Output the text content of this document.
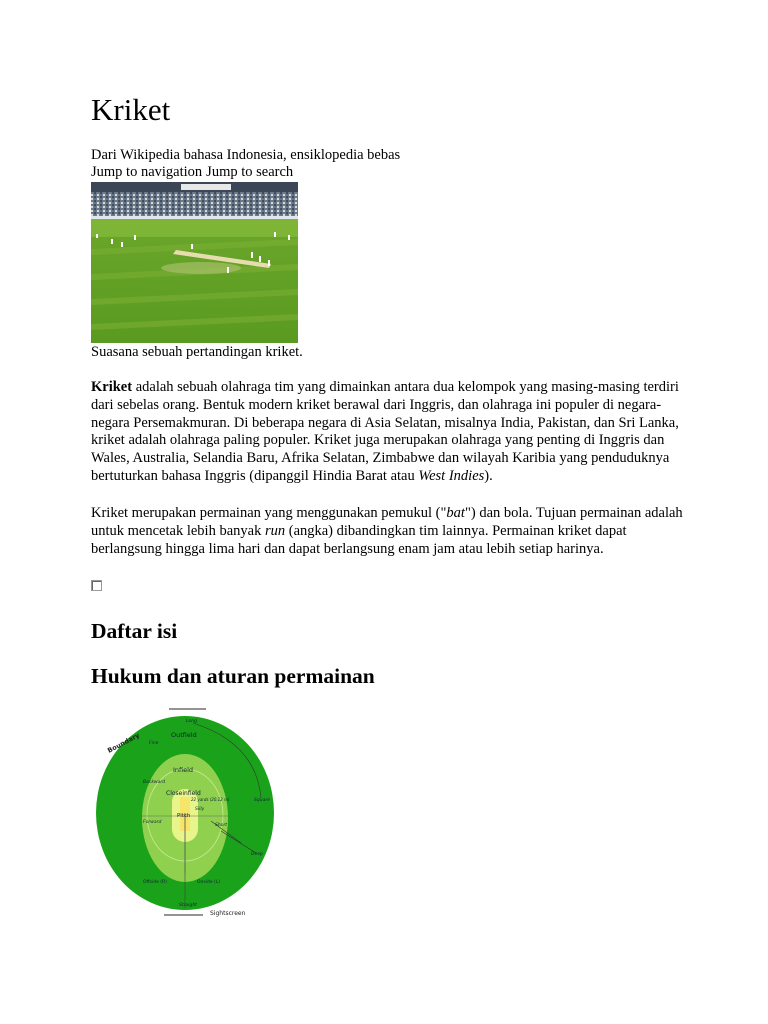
Kriket
Dari Wikipedia bahasa Indonesia, ensiklopedia bebas
Jump to navigation Jump to search
Suasana sebuah pertandingan kriket.

Kriket adalah sebuah olahraga tim yang dimainkan antara dua kelompok yang masing-masing terdiri dari sebelas orang. Bentuk modern kriket berawal dari Inggris, dan olahraga ini populer di negara-negara Persemakmuran. Di beberapa negara di Asia Selatan, misalnya India, Pakistan, dan Sri Lanka, kriket adalah olahraga paling populer. Kriket juga merupakan olahraga yang penting di Inggris dan Wales, Australia, Selandia Baru, Afrika Selatan, Zimbabwe dan wilayah Karibia yang penduduknya bertuturkan bahasa Inggris (dipanggil Hindia Barat atau West Indies).

Kriket merupakan permainan yang menggunakan pemukul ("bat") dan bola. Tujuan permainan adalah untuk mencetak lebih banyak run (angka) dibandingkan tim lainnya. Permainan kriket dapat berlangsung hingga lima hari dan dapat berlangsung enam jam atau lebih setiap harinya.

Daftar isi
Hukum dan aturan permainan
Boundary	Outfield
Infield
Closeinfield
Pitch
Sightscreen
Long
Square
Backward
Forward
Fine
Straight
Offside (R)	Onside (L)
22 yards (20.12 m)
Silly
Short
Deep
